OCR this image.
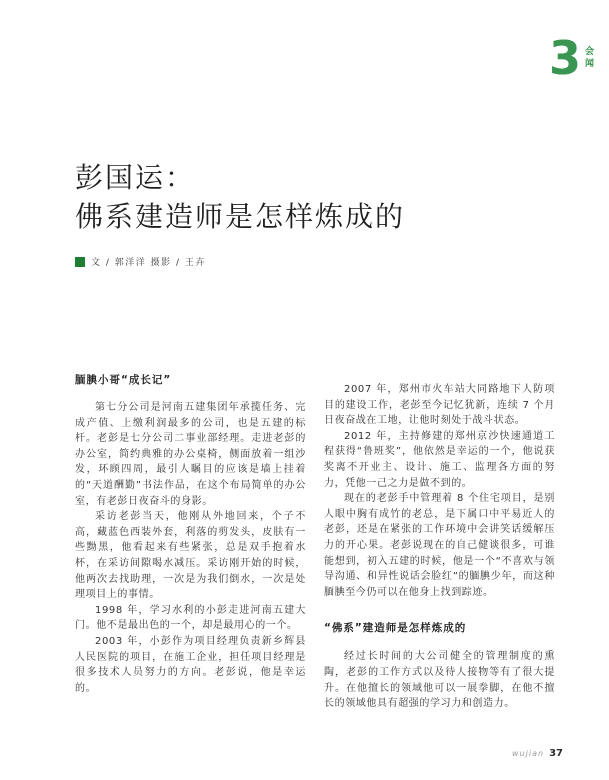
3 会闻
彭国运：
佛系建造师是怎样炼成的
文 / 郭洋洋 摄影 / 王卉
腼腆小哥“成长记”

第七分公司是河南五建集团年承揽任务、完成产值、上缴利润最多的公司，也是五建的标杆。老彭是七分公司二事业部经理。走进老彭的办公室，简约典雅的办公桌椅，侧面放着一组沙发，环顾四周，最引人瞩目的应该是墙上挂着的“天道酬勤”书法作品，在这个布局简单的办公室，有老彭日夜奋斗的身影。

采访老彭当天，他刚从外地回来，个子不高，藏蓝色西装外套，利落的剪发头，皮肤有一些黝黑，他看起来有些紧张，总是双手抱着水杯，在采访间隙喝水减压。采访刚开始的时候，他两次去找助理，一次是为我们倒水，一次是处理项目上的事情。

1998 年，学习水利的小彭走进河南五建大门。他不是最出色的一个，却是最用心的一个。

2003 年，小彭作为项目经理负责新乡辉县人民医院的项目，在施工企业，担任项目经理是很多技术人员努力的方向。老彭说，他是幸运的。

2007 年，郑州市火车站大同路地下人防项目的建设工作，老彭至今记忆犹新，连续 7 个月日夜奋战在工地，让他时刻处于战斗状态。

2012 年，主持修建的郑州京沙快速通道工程获得“鲁班奖”，他依然是幸运的一个，他说获奖离不开业主、设计、施工、监理各方面的努力，凭他一己之力是做不到的。

现在的老彭手中管理着 8 个住宅项目，是别人眼中胸有成竹的老总，是下属口中平易近人的老彭，还是在紧张的工作环境中会讲笑话缓解压力的开心果。老彭说现在的自己健谈很多，可谁能想到，初入五建的时候，他是一个“不喜欢与领导沟通、和异性说话会脸红”的腼腆少年，而这种腼腆至今仍可以在他身上找到踪迹。

“佛系”建造师是怎样炼成的

经过长时间的大公司健全的管理制度的熏陶，老彭的工作方式以及待人接物等有了很大提升。在他擅长的领域他可以一展拳脚，在他不擅长的领域他具有超强的学习力和创造力。

wujian 37
